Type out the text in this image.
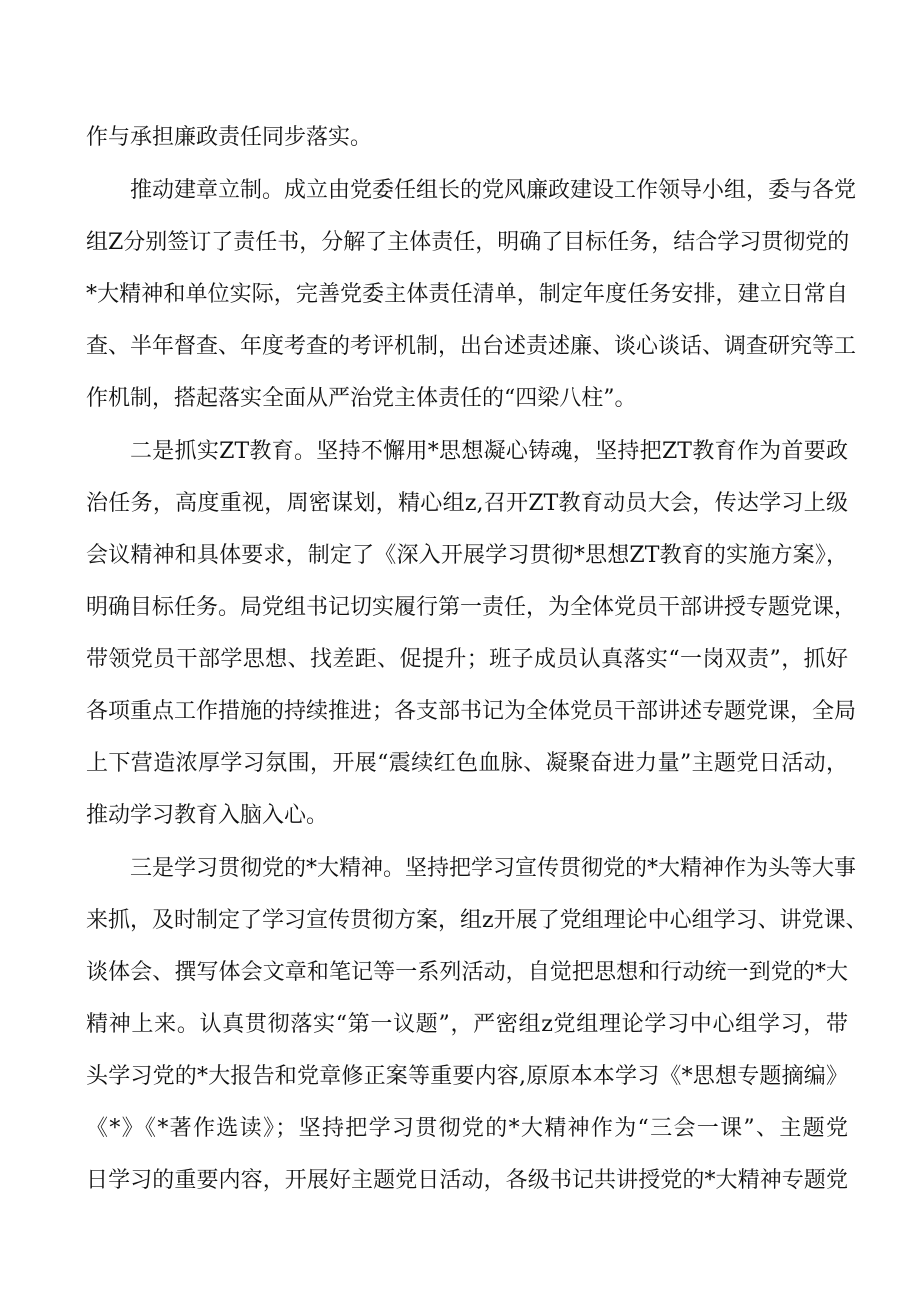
作与承担廉政责任同步落实。
推动建章立制。成立由党委任组长的党风廉政建设工作领导小组，委与各党
组Z分别签订了责任书，分解了主体责任，明确了目标任务，结合学习贯彻党的
*大精神和单位实际，完善党委主体责任清单，制定年度任务安排，建立日常自
查、半年督查、年度考查的考评机制，出台述责述廉、谈心谈话、调查研究等工
作机制，搭起落实全面从严治党主体责任的“四梁八柱”。
二是抓实ZT教育。坚持不懈用*思想凝心铸魂，坚持把ZT教育作为首要政
治任务，高度重视，周密谋划，精心组z,召开ZT教育动员大会，传达学习上级
会议精神和具体要求，制定了《深入开展学习贯彻*思想ZT教育的实施方案》，
明确目标任务。局党组书记切实履行第一责任，为全体党员干部讲授专题党课，
带领党员干部学思想、找差距、促提升；班子成员认真落实“一岗双责”，抓好
各项重点工作措施的持续推进；各支部书记为全体党员干部讲述专题党课，全局
上下营造浓厚学习氛围，开展“震续红色血脉、凝聚奋进力量”主题党日活动，
推动学习教育入脑入心。
三是学习贯彻党的*大精神。坚持把学习宣传贯彻党的*大精神作为头等大事
来抓，及时制定了学习宣传贯彻方案，组z开展了党组理论中心组学习、讲党课、
谈体会、撰写体会文章和笔记等一系列活动，自觉把思想和行动统一到党的*大
精神上来。认真贯彻落实“第一议题”，严密组z党组理论学习中心组学习，带
头学习党的*大报告和党章修正案等重要内容,原原本本学习《*思想专题摘编》
《*》《*著作选读》；坚持把学习贯彻党的*大精神作为“三会一课”、主题党
日学习的重要内容，开展好主题党日活动，各级书记共讲授党的*大精神专题党
